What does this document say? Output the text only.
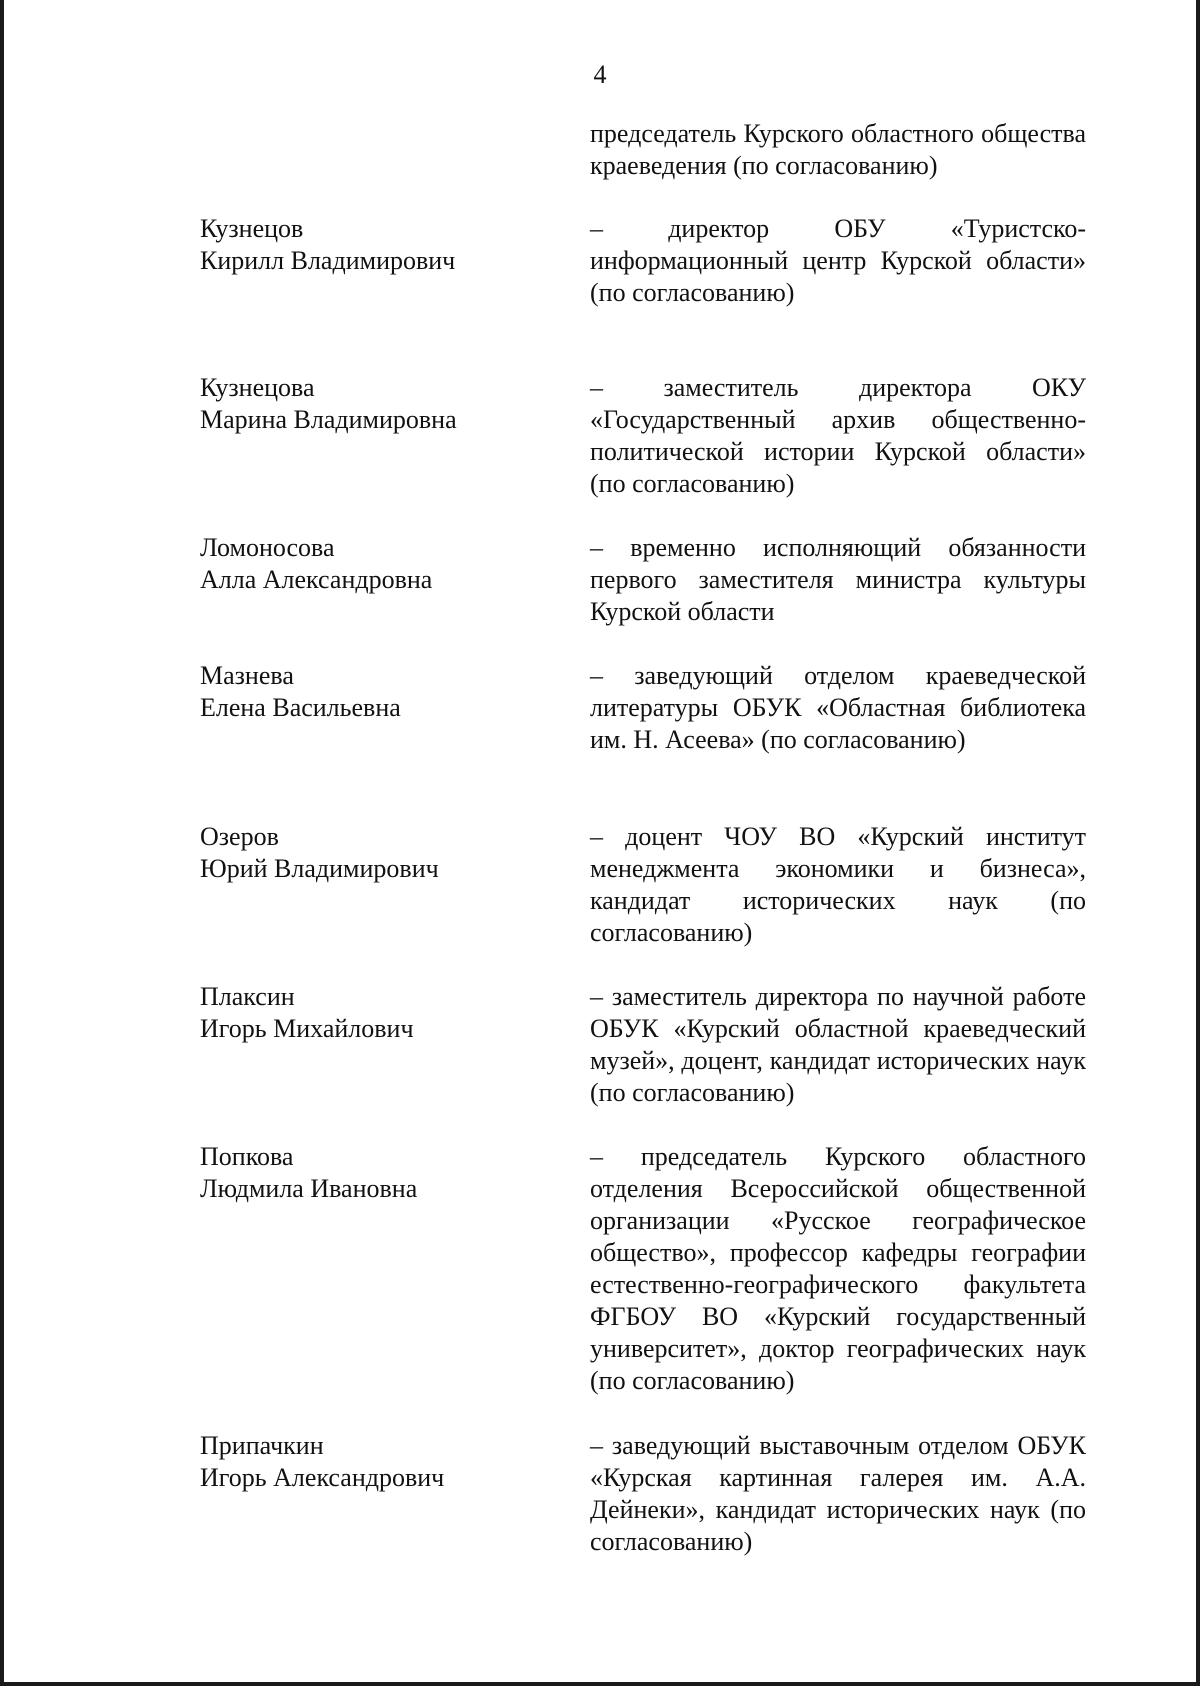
4
председатель Курского областного общества краеведения (по согласованию)
Кузнецов
Кирилл Владимирович
– директор ОБУ «Туристско-информационный центр Курской области» (по согласованию)
Кузнецова
Марина Владимировна
– заместитель директора ОКУ «Государственный архив общественно-политической истории Курской области» (по согласованию)
Ломоносова
Алла Александровна
– временно исполняющий обязанности первого заместителя министра культуры Курской области
Мазнева
Елена Васильевна
– заведующий отделом краеведческой литературы ОБУК «Областная библиотека им. Н. Асеева» (по согласованию)
Озеров
Юрий Владимирович
– доцент ЧОУ ВО «Курский институт менеджмента экономики и бизнеса», кандидат исторических наук (по согласованию)
Плаксин
Игорь Михайлович
– заместитель директора по научной работе ОБУК «Курский областной краеведческий музей», доцент, кандидат исторических наук (по согласованию)
Попкова
Людмила Ивановна
– председатель Курского областного отделения Всероссийской общественной организации «Русское географическое общество», профессор кафедры географии естественно-географического факультета ФГБОУ ВО «Курский государственный университет», доктор географических наук (по согласованию)
Припачкин
Игорь Александрович
– заведующий выставочным отделом ОБУК «Курская картинная галерея им. А.А. Дейнеки», кандидат исторических наук (по согласованию)
